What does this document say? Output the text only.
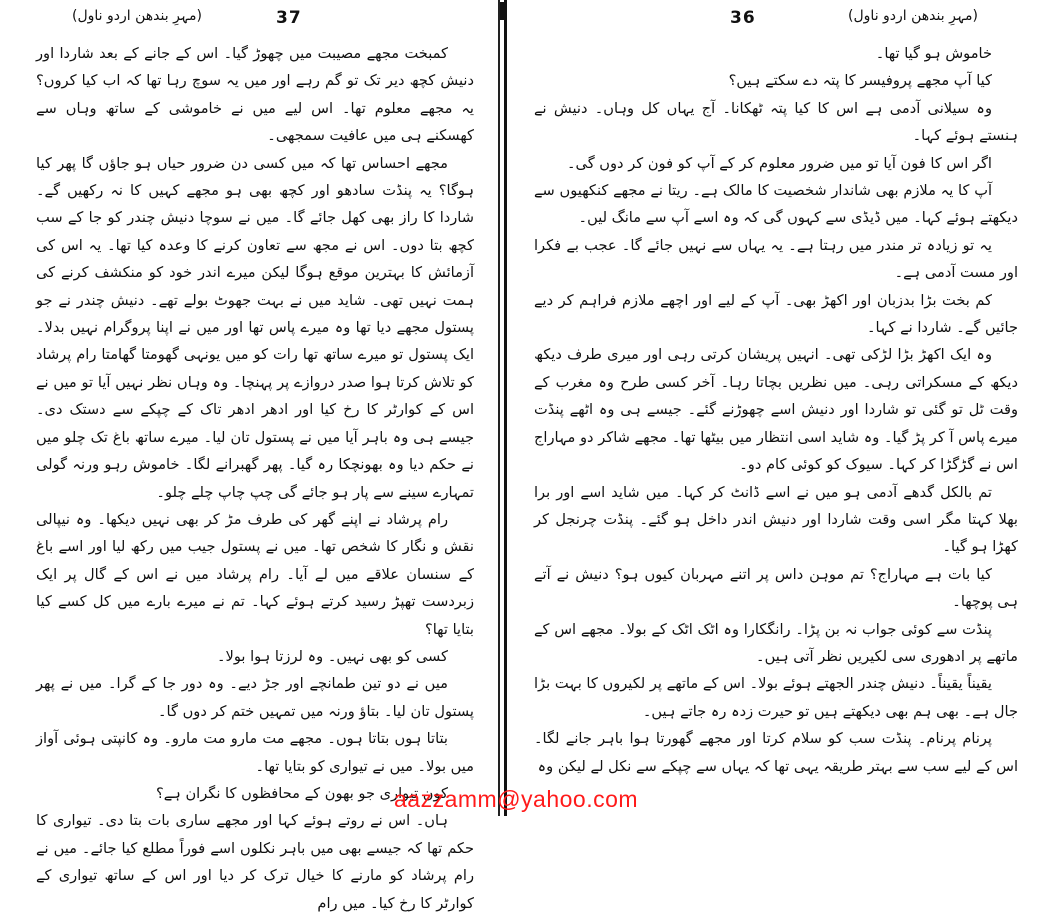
(مہرِ بندھن اردو ناول)	37

کمبخت مجھے مصیبت میں چھوڑ گیا۔ اس کے جانے کے بعد شاردا اور دنیش کچھ دیر تک تو گم رہے اور میں یہ سوچ رہا تھا کہ اب کیا کروں؟ یہ مجھے معلوم تھا۔ اس لیے میں نے خاموشی کے ساتھ وہاں سے کھسکنے ہی میں عافیت سمجھی۔

مجھے احساس تھا کہ میں کسی دن ضرور حیاں ہو جاؤں گا پھر کیا ہوگا؟ یہ پنڈت سادھو اور کچھ بھی ہو مجھے کہیں کا نہ رکھیں گے۔ شاردا کا راز بھی کھل جائے گا۔ میں نے سوچا دنیش چندر کو جا کے سب کچھ بتا دوں۔ اس نے مجھ سے تعاون کرنے کا وعدہ کیا تھا۔ یہ اس کی آزمائش کا بہترین موقع ہوگا لیکن میرے اندر خود کو منکشف کرنے کی ہمت نہیں تھی۔ شاید میں نے بہت جھوٹ بولے تھے۔ دنیش چندر نے جو پستول مجھے دیا تھا وہ میرے پاس تھا اور میں نے اپنا پروگرام نہیں بدلا۔ ایک پستول تو میرے ساتھ تھا رات کو میں یونہی گھومتا گھامتا رام پرشاد کو تلاش کرتا ہوا صدر دروازے پر پہنچا۔ وہ وہاں نظر نہیں آیا تو میں نے اس کے کوارٹر کا رخ کیا اور ادھر ادھر تاک کے چپکے سے دستک دی۔ جیسے ہی وہ باہر آیا میں نے پستول تان لیا۔ میرے ساتھ باغ تک چلو میں نے حکم دیا وہ بھونچکا رہ گیا۔ پھر گھبرانے لگا۔ خاموش رہو ورنہ گولی تمہارے سینے سے پار ہو جائے گی چپ چاپ چلے چلو۔

رام پرشاد نے اپنے گھر کی طرف مڑ کر بھی نہیں دیکھا۔ وہ نیپالی نقش و نگار کا شخص تھا۔ میں نے پستول جیب میں رکھ لیا اور اسے باغ کے سنسان علاقے میں لے آیا۔ رام پرشاد میں نے اس کے گال پر ایک زبردست تھپڑ رسید کرتے ہوئے کہا۔ تم نے میرے بارے میں کل کسے کیا بتایا تھا؟

کسی کو بھی نہیں۔ وہ لرزتا ہوا بولا۔

میں نے دو تین طمانچے اور جڑ دیے۔ وہ دور جا کے گرا۔ میں نے پھر پستول تان لیا۔ بتاؤ ورنہ میں تمہیں ختم کر دوں گا۔

بتاتا ہوں بتاتا ہوں۔ مجھے مت مارو مت مارو۔ وہ کانپتی ہوئی آواز میں بولا۔ میں نے تیواری کو بتایا تھا۔

کون تیواری جو بھون کے محافظوں کا نگران ہے؟

ہاں۔ اس نے روتے ہوئے کہا اور مجھے ساری بات بتا دی۔ تیواری کا حکم تھا کہ جیسے بھی میں باہر نکلوں اسے فوراً مطلع کیا جائے۔ میں نے رام پرشاد کو مارنے کا خیال ترک کر دیا اور اس کے ساتھ تیواری کے کوارٹر کا رخ کیا۔ میں رام

36	(مہرِ بندھن اردو ناول)

خاموش ہو گیا تھا۔

کیا آپ مجھے پروفیسر کا پتہ دے سکتے ہیں؟

وہ سیلانی آدمی ہے اس کا کیا پتہ ٹھکانا۔ آج یہاں کل وہاں۔ دنیش نے ہنستے ہوئے کہا۔

اگر اس کا فون آیا تو میں ضرور معلوم کر کے آپ کو فون کر دوں گی۔

آپ کا یہ ملازم بھی شاندار شخصیت کا مالک ہے۔ ریتا نے مجھے کنکھیوں سے دیکھتے ہوئے کہا۔ میں ڈیڈی سے کہوں گی کہ وہ اسے آپ سے مانگ لیں۔

یہ تو زیادہ تر مندر میں رہتا ہے۔ یہ یہاں سے نہیں جائے گا۔ عجب بے فکرا اور مست آدمی ہے۔

کم بخت بڑا بدزبان اور اکھڑ بھی۔ آپ کے لیے اور اچھے ملازم فراہم کر دیے جائیں گے۔ شاردا نے کہا۔

وہ ایک اکھڑ بڑا لڑکی تھی۔ انہیں پریشان کرتی رہی اور میری طرف دیکھ دیکھ کے مسکراتی رہی۔ میں نظریں بچاتا رہا۔ آخر کسی طرح وہ مغرب کے وقت ٹل تو گئی تو شاردا اور دنیش اسے چھوڑنے گئے۔ جیسے ہی وہ اٹھے پنڈت میرے پاس آ کر پڑ گیا۔ وہ شاید اسی انتظار میں بیٹھا تھا۔ مجھے شاکر دو مہاراج اس نے گڑگڑا کر کہا۔ سیوک کو کوئی کام دو۔

تم بالکل گدھے آدمی ہو میں نے اسے ڈانٹ کر کہا۔ میں شاید اسے اور برا بھلا کہتا مگر اسی وقت شاردا اور دنیش اندر داخل ہو گئے۔ پنڈت چرنجل کر کھڑا ہو گیا۔

کیا بات ہے مہاراج؟ تم موہن داس پر اتنے مہربان کیوں ہو؟ دنیش نے آتے ہی پوچھا۔

پنڈت سے کوئی جواب نہ بن پڑا۔ رانگکارا وہ اٹک اٹک کے بولا۔ مجھے اس کے ماتھے پر ادھوری سی لکیریں نظر آتی ہیں۔

یقیناً یقیناً۔ دنیش چندر الجھتے ہوئے بولا۔ اس کے ماتھے پر لکیروں کا بہت بڑا جال ہے۔ بھی ہم بھی دیکھتے ہیں تو حیرت زدہ رہ جاتے ہیں۔

پرنام پرنام۔ پنڈت سب کو سلام کرتا اور مجھے گھورتا ہوا باہر جانے لگا۔ اس کے لیے سب سے بہتر طریقہ یہی تھا کہ یہاں سے چپکے سے نکل لے لیکن وہ

aazzamm@yahoo.com
